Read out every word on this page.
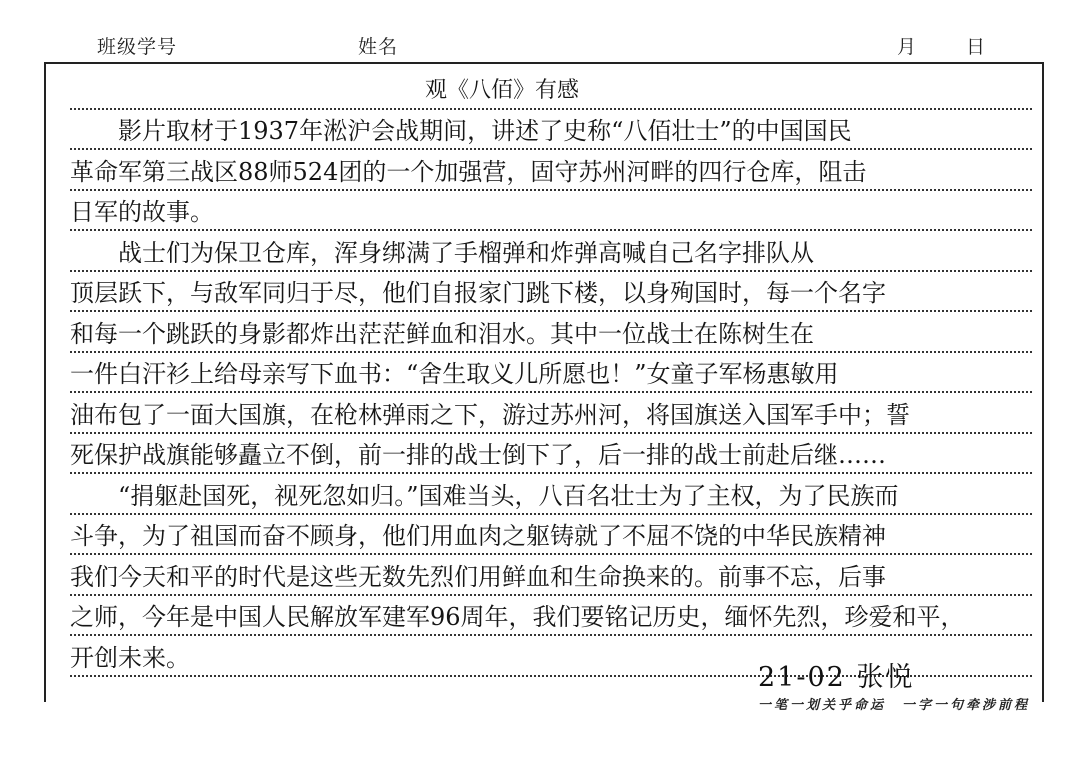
班级学号	姓名	月	日
观《八佰》有感
影片取材于1937年淞沪会战期间，讲述了史称“八佰壮士”的中国国民
革命军第三战区88师524团的一个加强营，固守苏州河畔的四行仓库，阻击
日军的故事。
战士们为保卫仓库，浑身绑满了手榴弹和炸弹高喊自己名字排队从
顶层跃下，与敌军同归于尽，他们自报家门跳下楼，以身殉国时，每一个名字
和每一个跳跃的身影都炸出茫茫鲜血和泪水。其中一位战士在陈树生在
一件白汗衫上给母亲写下血书：“舍生取义儿所愿也！”女童子军杨惠敏用
油布包了一面大国旗，在枪林弹雨之下，游过苏州河，将国旗送入国军手中；誓
死保护战旗能够矗立不倒，前一排的战士倒下了，后一排的战士前赴后继……
“捐躯赴国死，视死忽如归。”国难当头，八百名壮士为了主权，为了民族而
斗争，为了祖国而奋不顾身，他们用血肉之躯铸就了不屈不饶的中华民族精神
我们今天和平的时代是这些无数先烈们用鲜血和生命换来的。前事不忘，后事
之师，今年是中国人民解放军建军96周年，我们要铭记历史，缅怀先烈，珍爱和平，
开创未来。
21-02 张悦
一笔一划关乎命运　一字一句牵涉前程
